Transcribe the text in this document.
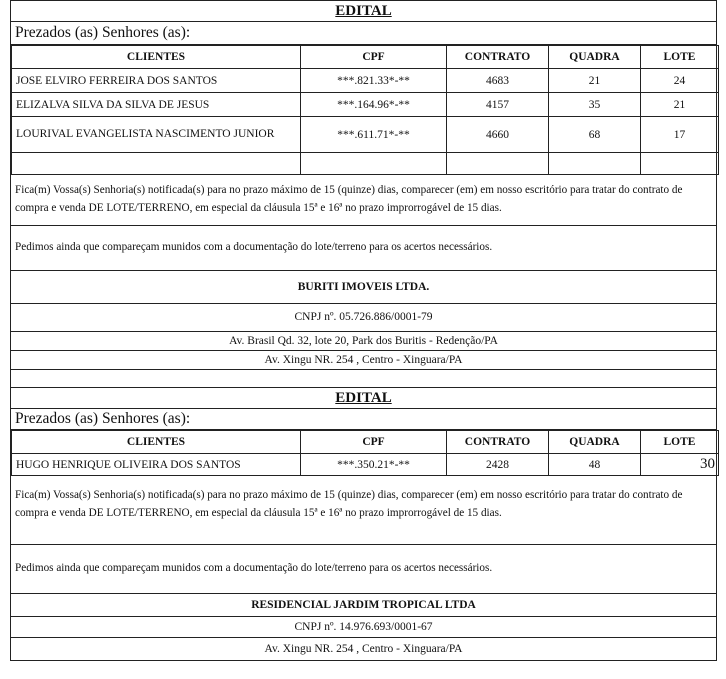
EDITAL
Prezados (as) Senhores (as):
CLIENTES	CPF	CONTRATO	QUADRA	LOTE
JOSE ELVIRO FERREIRA DOS SANTOS	***.821.33*-**	4683	21	24
ELIZALVA SILVA DA SILVA DE JESUS	***.164.96*-**	4157	35	21
LOURIVAL EVANGELISTA NASCIMENTO JUNIOR	***.611.71*-**	4660	68	17

Fica(m) Vossa(s) Senhoria(s) notificada(s) para no prazo máximo de 15 (quinze) dias, comparecer (em) em nosso escritório para tratar do contrato de compra e venda DE LOTE/TERRENO, em especial da cláusula 15ª e 16ª no prazo improrrogável de 15 dias.
Pedimos ainda que compareçam munidos com a documentação do lote/terreno para os acertos necessários.
BURITI IMOVEIS LTDA.
CNPJ nº. 05.726.886/0001-79
Av. Brasil Qd. 32, lote 20, Park dos Buritis - Redenção/PA
Av. Xingu NR. 254 , Centro - Xinguara/PA
EDITAL
Prezados (as) Senhores (as):
CLIENTES	CPF	CONTRATO	QUADRA	LOTE
HUGO HENRIQUE OLIVEIRA DOS SANTOS	***.350.21*-**	2428	48	30
Fica(m) Vossa(s) Senhoria(s) notificada(s) para no prazo máximo de 15 (quinze) dias, comparecer (em) em nosso escritório para tratar do contrato de compra e venda DE LOTE/TERRENO, em especial da cláusula 15ª e 16ª no prazo improrrogável de 15 dias.
Pedimos ainda que compareçam munidos com a documentação do lote/terreno para os acertos necessários.
RESIDENCIAL JARDIM TROPICAL LTDA
CNPJ nº. 14.976.693/0001-67
Av. Xingu NR. 254 , Centro - Xinguara/PA
